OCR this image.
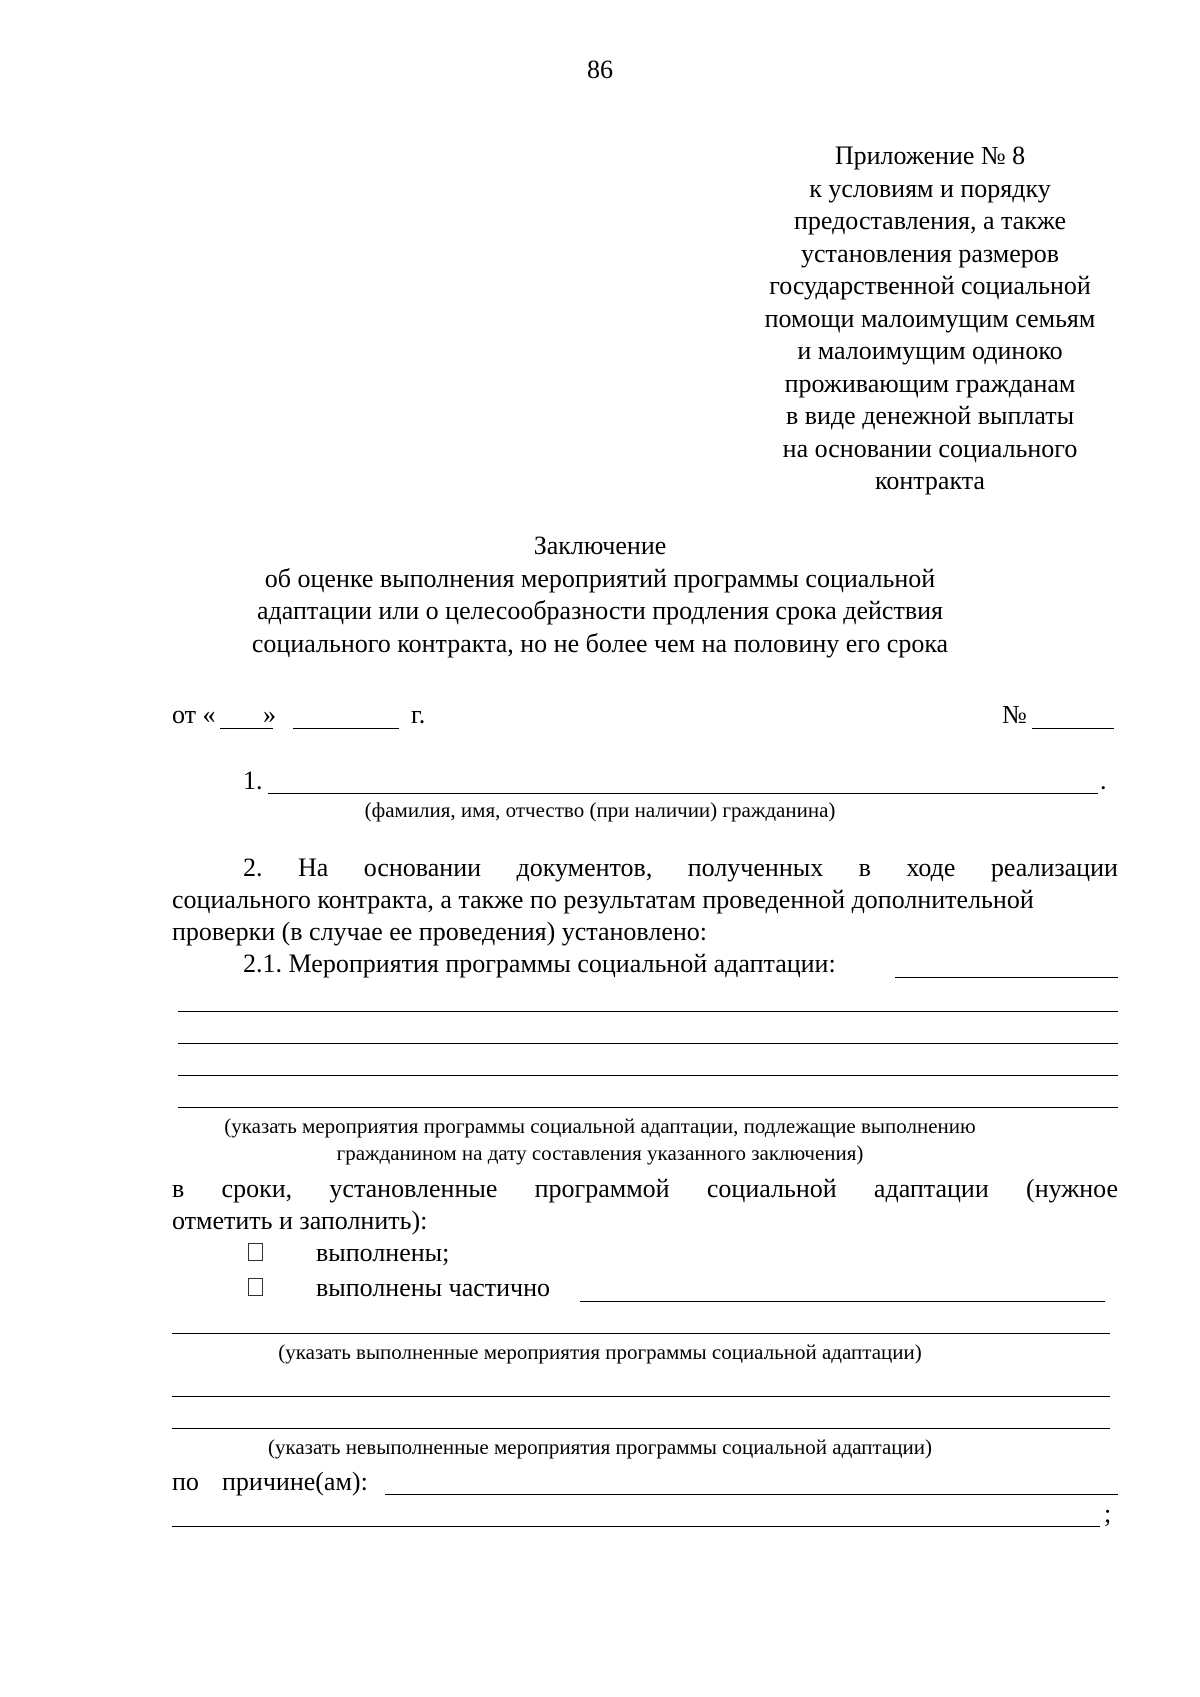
86
Приложение № 8
к условиям и порядку
предоставления, а также
установления размеров
государственной социальной
помощи малоимущим семьям
и малоимущим одиноко
проживающим гражданам
в виде денежной выплаты
на основании социального
контракта
Заключение
об оценке выполнения мероприятий программы социальной
адаптации или о целесообразности продления срока действия
социального контракта, но не более чем на половину его срока
от « »	г.	№
1.	.
(фамилия, имя, отчество (при наличии) гражданина)
2. На основании документов, полученных в ходе реализации
социального контракта, а также по результатам проведенной дополнительной
проверки (в случае ее проведения) установлено:
2.1. Мероприятия программы социальной адаптации:
(указать мероприятия программы социальной адаптации, подлежащие выполнению
гражданином на дату составления указанного заключения)
в сроки, установленные программой социальной адаптации (нужное
отметить и заполнить):
выполнены;
выполнены частично
(указать выполненные мероприятия программы социальной адаптации)
(указать невыполненные мероприятия программы социальной адаптации)
по причине(ам):
;
